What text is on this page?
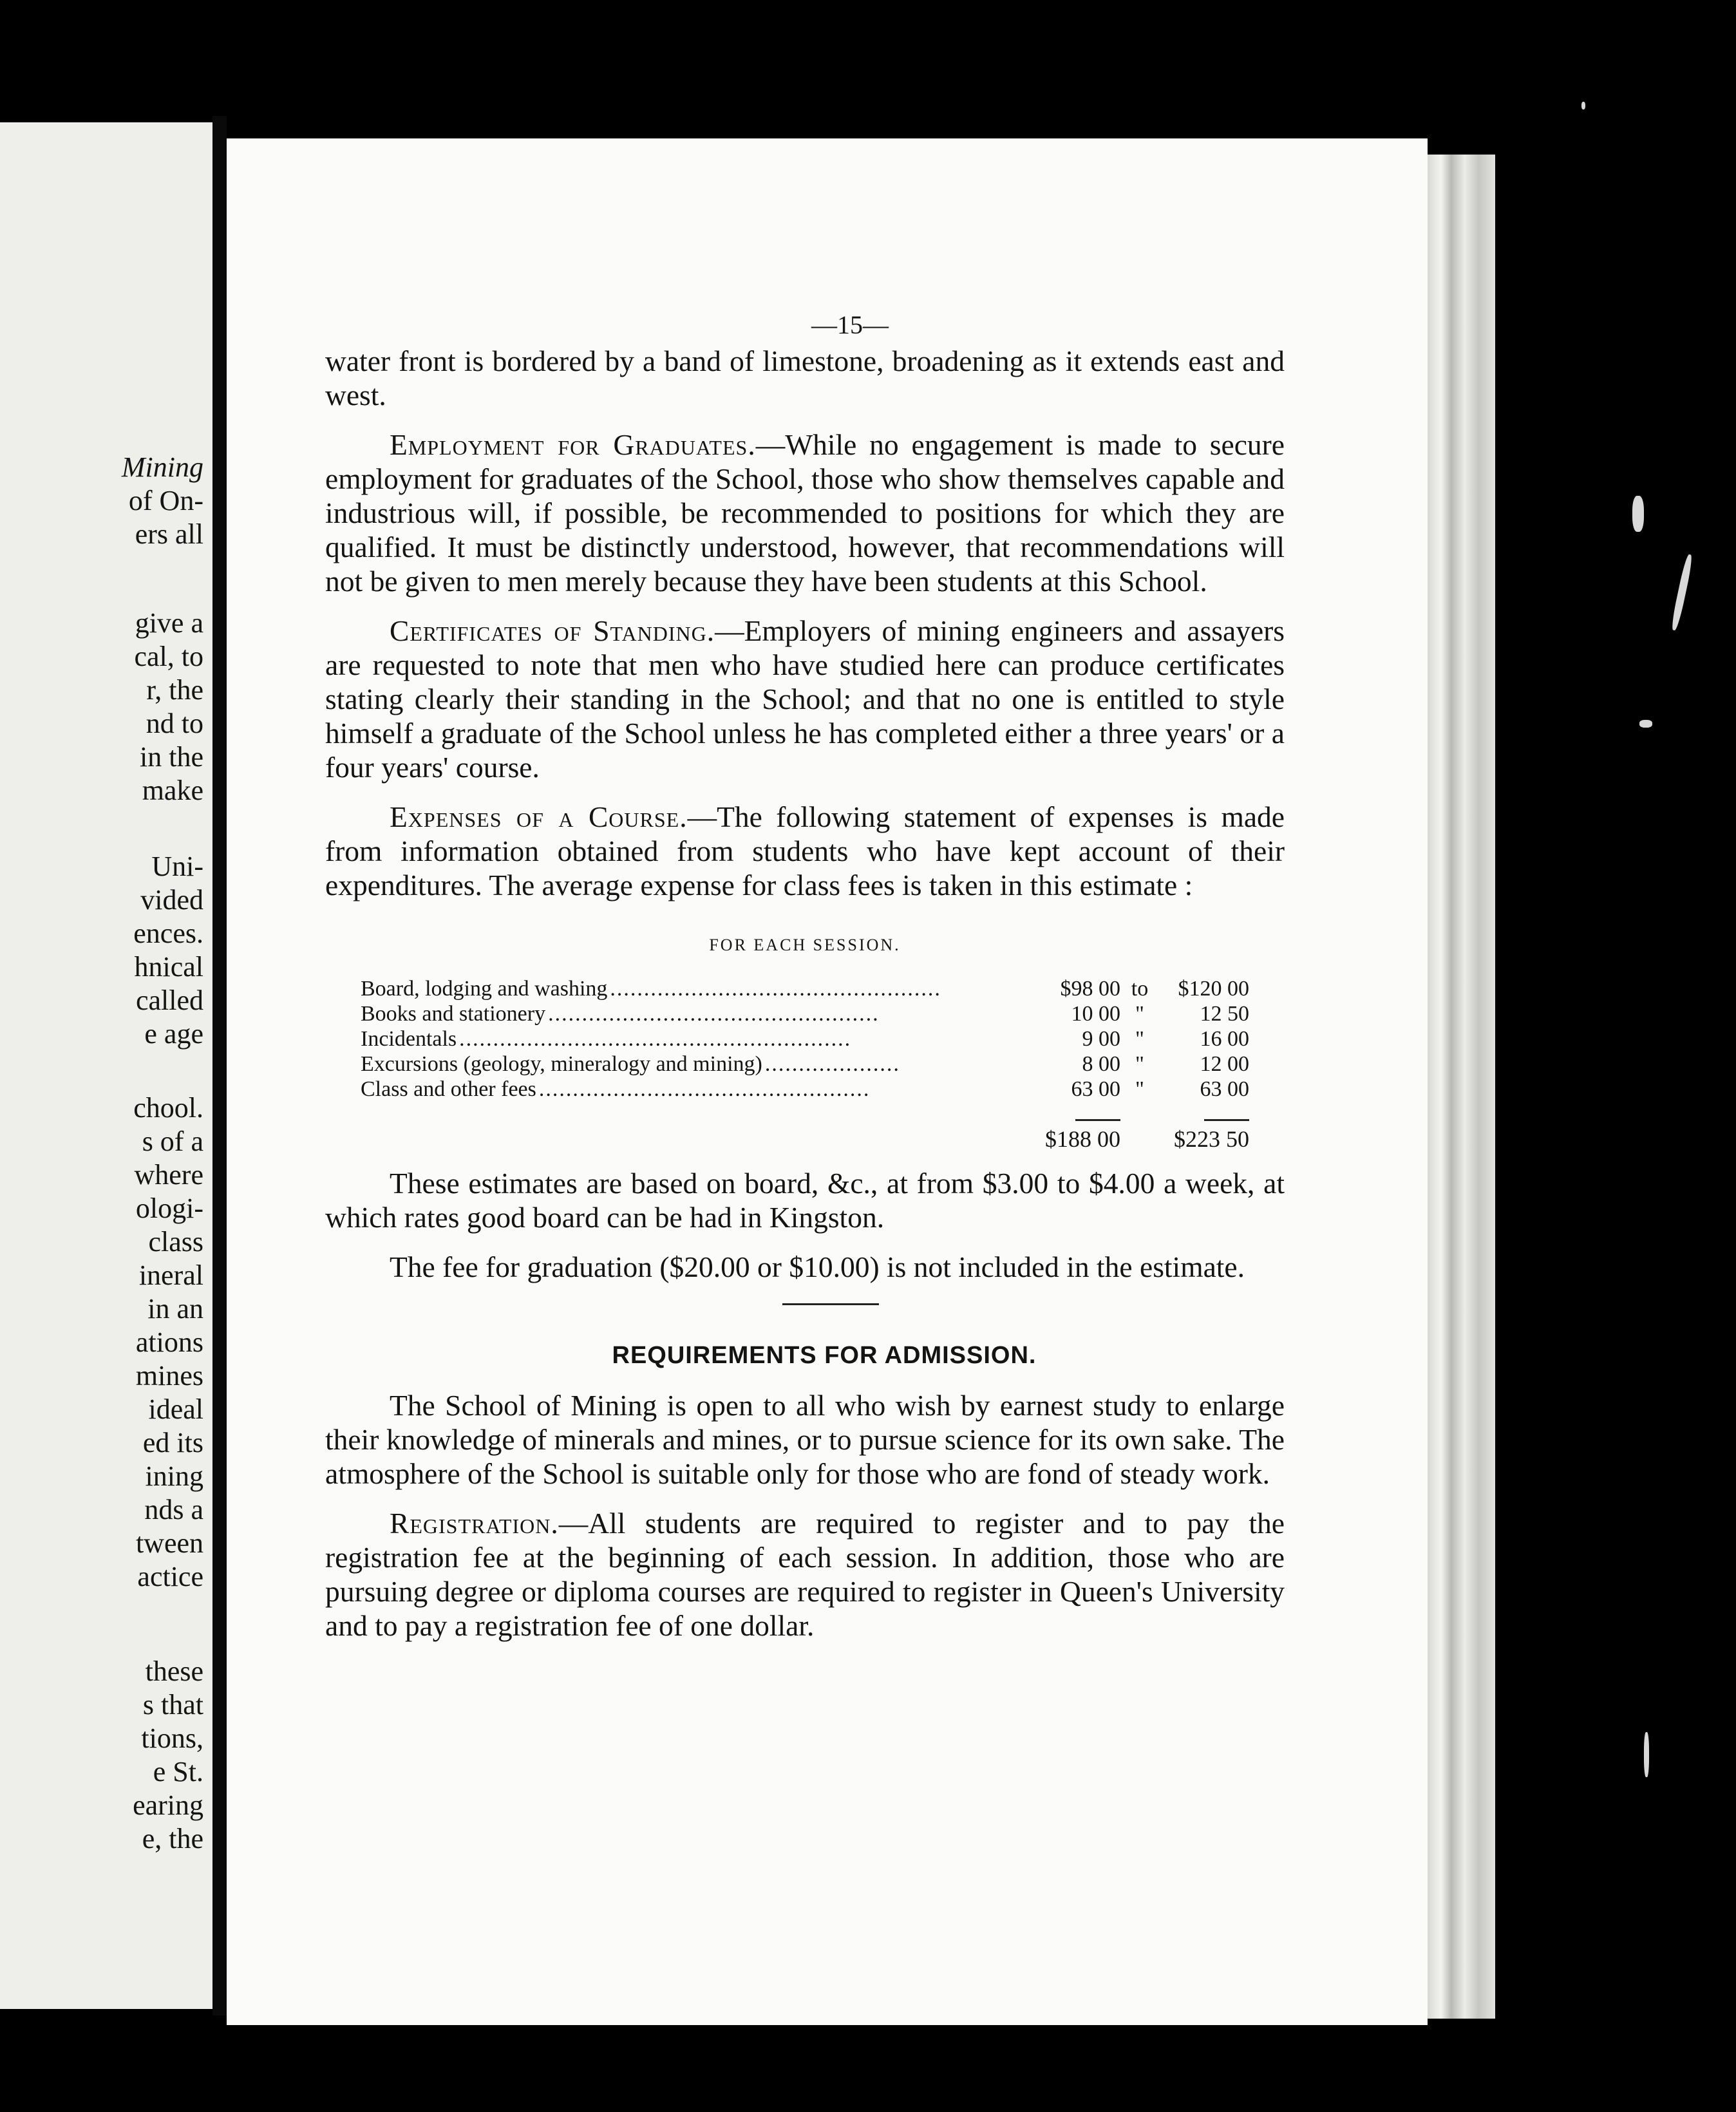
Mining
of On-
ers all
give a
cal, to
r, the
nd to
in the
make
Uni-
vided
ences.
hnical
called
e age
chool.
s of a
where
ologi-
class
ineral
in an
ations
mines
ideal
ed its
ining
nds a
tween
actice
these
s that
tions,
e St.
earing
e, the
—15—

water front is bordered by a band of limestone, broadening as it extends east and west.

Employment for Graduates.—While no engagement is made to secure employment for graduates of the School, those who show themselves capable and industrious will, if possible, be recommended to positions for which they are qualified. It must be distinctly understood, however, that recommendations will not be given to men merely because they have been students at this School.

Certificates of Standing.—Employers of mining engineers and assayers are requested to note that men who have studied here can produce certificates stating clearly their standing in the School; and that no one is entitled to style himself a graduate of the School unless he has completed either a three years' or a four years' course.

Expenses of a Course.—The following statement of expenses is made from information obtained from students who have kept account of their expenditures. The average expense for class fees is taken in this estimate :

FOR EACH SESSION.
Board, lodging and washing .................................................	$98 00	to	$120 00
Books and stationery .................................................	10 00	"	12 50
Incidentals ..........................................................	9 00	"	16 00
Excursions (geology, mineralogy and mining) ....................	8 00	"	12 00
Class and other fees .................................................	63 00	"	63 00

	$188 00		$223 50

These estimates are based on board, &c., at from $3.00 to $4.00 a week, at which rates good board can be had in Kingston.

The fee for graduation ($20.00 or $10.00) is not included in the estimate.

REQUIREMENTS FOR ADMISSION.

The School of Mining is open to all who wish by earnest study to enlarge their knowledge of minerals and mines, or to pursue science for its own sake. The atmosphere of the School is suitable only for those who are fond of steady work.

Registration.—All students are required to register and to pay the registration fee at the beginning of each session. In addition, those who are pursuing degree or diploma courses are required to register in Queen's University and to pay a registration fee of one dollar.
